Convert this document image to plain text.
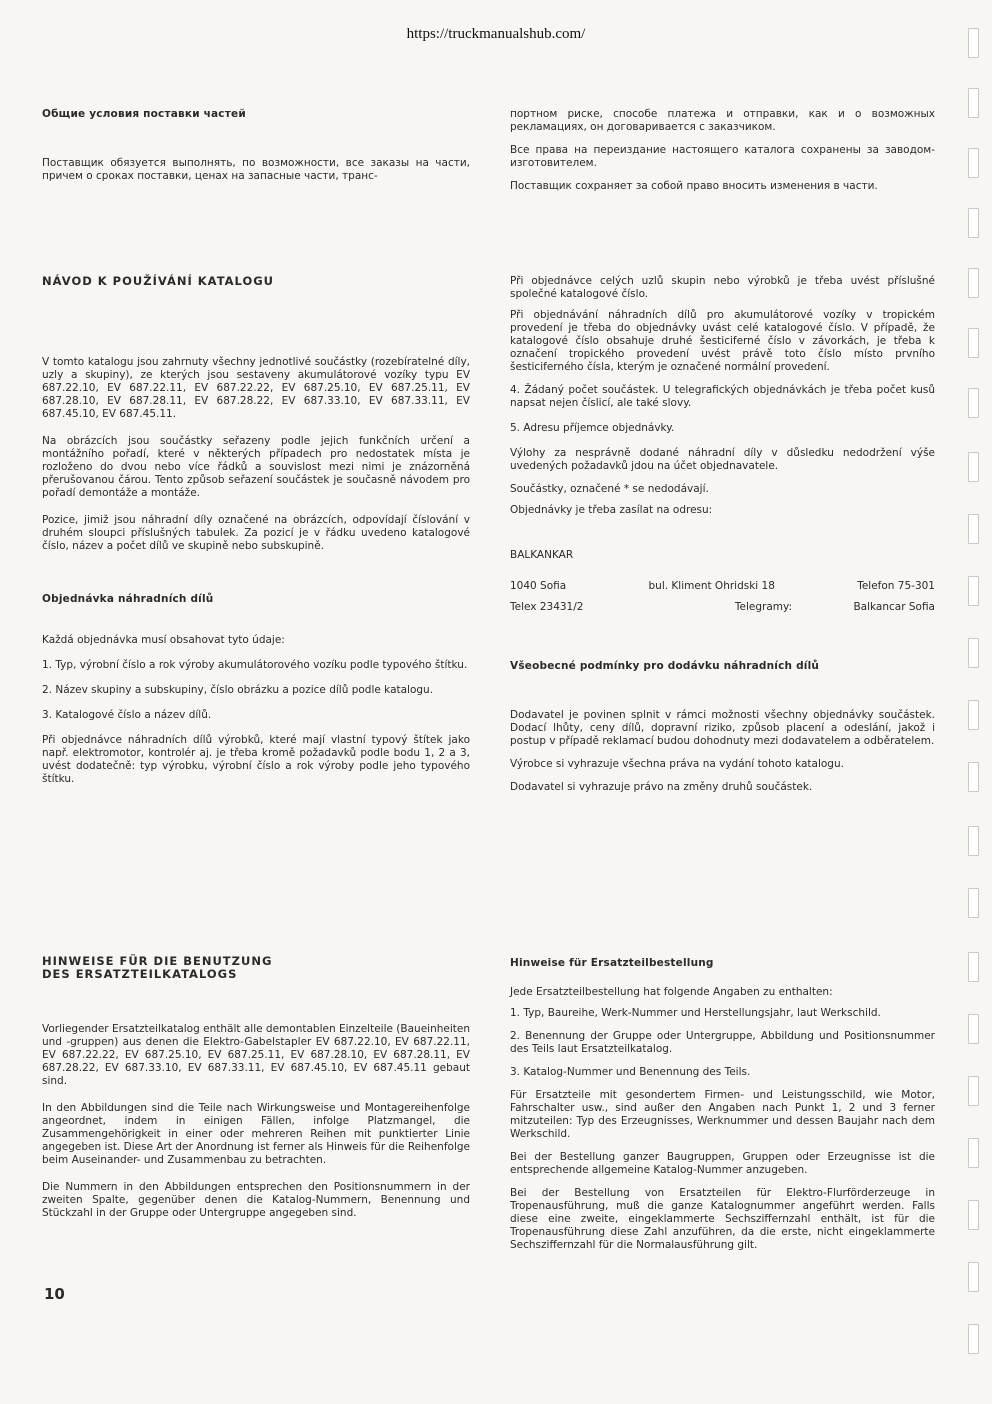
https://truckmanualshub.com/

Общие условия поставки частей

Поставщик обязуется выполнять, по возможности, все заказы на части, причем о сроках поставки, ценах на запасные части, транс-

портном риске, способе платежа и отправки, как и о возможных рекламациях, он договаривается с заказчиком.

Все права на переиздание настоящего каталога сохранены за заводом-изготовителем.

Поставщик сохраняет за собой право вносить изменения в части.

NÁVOD K POUŽÍVÁNÍ KATALOGU

V tomto katalogu jsou zahrnuty všechny jednotlivé součástky (rozebíratelné díly, uzly a skupiny), ze kterých jsou sestaveny akumulátorové vozíky typu EV 687.22.10, EV 687.22.11, EV 687.22.22, EV 687.25.10, EV 687.25.11, EV 687.28.10, EV 687.28.11, EV 687.28.22, EV 687.33.10, EV 687.33.11, EV 687.45.10, EV 687.45.11.

Na obrázcích jsou součástky seřazeny podle jejich funkčních určení a montážního pořadí, které v některých případech pro nedostatek místa je rozloženo do dvou nebo více řádků a souvislost mezi nimi je znázorněná přerušovanou čárou. Tento způsob seřazení součástek je současně návodem pro pořadí demontáže a montáže.

Pozice, jimiž jsou náhradní díly označené na obrázcích, odpovídají číslování v druhém sloupci příslušných tabulek. Za pozicí je v řádku uvedeno katalogové číslo, název a počet dílů ve skupině nebo subskupině.

Objednávka náhradních dílů

Každá objednávka musí obsahovat tyto údaje:

1. Typ, výrobní číslo a rok výroby akumulátorového vozíku podle typového štítku.

2. Název skupiny a subskupiny, číslo obrázku a pozice dílů podle katalogu.

3. Katalogové číslo a název dílů.

Při objednávce náhradních dílů výrobků, které mají vlastní typový štítek jako např. elektromotor, kontrolér aj. je třeba kromě požadavků podle bodu 1, 2 a 3, uvést dodatečně: typ výrobku, výrobní číslo a rok výroby podle jeho typového štítku.

Při objednávce celých uzlů skupin nebo výrobků je třeba uvést příslušné společné katalogové číslo.

Při objednávání náhradních dílů pro akumulátorové vozíky v tropickém provedení je třeba do objednávky uvást celé katalogové číslo. V případě, že katalogové číslo obsahuje druhé šesticiferné číslo v závorkách, je třeba k označení tropického provedení uvést právě toto číslo místo prvního šesticiferného čísla, kterým je označené normální provedení.

4. Žádaný počet součástek. U telegrafických objednávkách je třeba počet kusů napsat nejen číslicí, ale také slovy.

5. Adresu příjemce objednávky.

Výlohy za nesprávně dodané náhradní díly v důsledku nedodržení výše uvedených požadavků jdou na účet objednavatele.

Součástky, označené * se nedodávají.

Objednávky je třeba zasílat na odresu:

BALKANKAR

1040 Sofia	bul. Kliment Ohridski 18	Telefon 75-301
Telex 23431/2	Telegramy:	Balkancar Sofia

Všeobecné podmínky pro dodávku náhradních dílů

Dodavatel je povinen splnit v rámci možnosti všechny objednávky součástek. Dodací lhůty, ceny dílů, dopravní riziko, způsob placení a odeslání, jakož i postup v případě reklamací budou dohodnuty mezi dodavatelem a odběratelem.

Výrobce si vyhrazuje všechna práva na vydání tohoto katalogu.

Dodavatel si vyhrazuje právo na změny druhů součástek.

HINWEISE FÜR DIE BENUTZUNG

DES ERSATZTEILKATALOGS

Vorliegender Ersatzteilkatalog enthält alle demontablen Einzelteile (Baueinheiten und -gruppen) aus denen die Elektro-Gabelstapler EV 687.22.10, EV 687.22.11, EV 687.22.22, EV 687.25.10, EV 687.25.11, EV 687.28.10, EV 687.28.11, EV 687.28.22, EV 687.33.10, EV 687.33.11, EV 687.45.10, EV 687.45.11 gebaut sind.

In den Abbildungen sind die Teile nach Wirkungsweise und Montagereihenfolge angeordnet, indem in einigen Fällen, infolge Platzmangel, die Zusammengehörigkeit in einer oder mehreren Reihen mit punktierter Linie angegeben ist. Diese Art der Anordnung ist ferner als Hinweis für die Reihenfolge beim Auseinander- und Zusammenbau zu betrachten.

Die Nummern in den Abbildungen entsprechen den Positionsnummern in der zweiten Spalte, gegenüber denen die Katalog-Nummern, Benennung und Stückzahl in der Gruppe oder Untergruppe angegeben sind.

Hinweise für Ersatzteilbestellung

Jede Ersatzteilbestellung hat folgende Angaben zu enthalten:

1. Typ, Baureihe, Werk-Nummer und Herstellungsjahr, laut Werkschild.

2. Benennung der Gruppe oder Untergruppe, Abbildung und Positionsnummer des Teils laut Ersatzteilkatalog.

3. Katalog-Nummer und Benennung des Teils.

Für Ersatzteile mit gesondertem Firmen- und Leistungsschild, wie Motor, Fahrschalter usw., sind außer den Angaben nach Punkt 1, 2 und 3 ferner mitzuteilen: Typ des Erzeugnisses, Werknummer und dessen Baujahr nach dem Werkschild.

Bei der Bestellung ganzer Baugruppen, Gruppen oder Erzeugnisse ist die entsprechende allgemeine Katalog-Nummer anzugeben.

Bei der Bestellung von Ersatzteilen für Elektro-Flurförderzeuge in Tropenausführung, muß die ganze Katalognummer angeführt werden. Falls diese eine zweite, eingeklammerte Sechsziffernzahl enthält, ist für die Tropenausführung diese Zahl anzuführen, da die erste, nicht eingeklammerte Sechsziffernzahl für die Normalausführung gilt.

10
